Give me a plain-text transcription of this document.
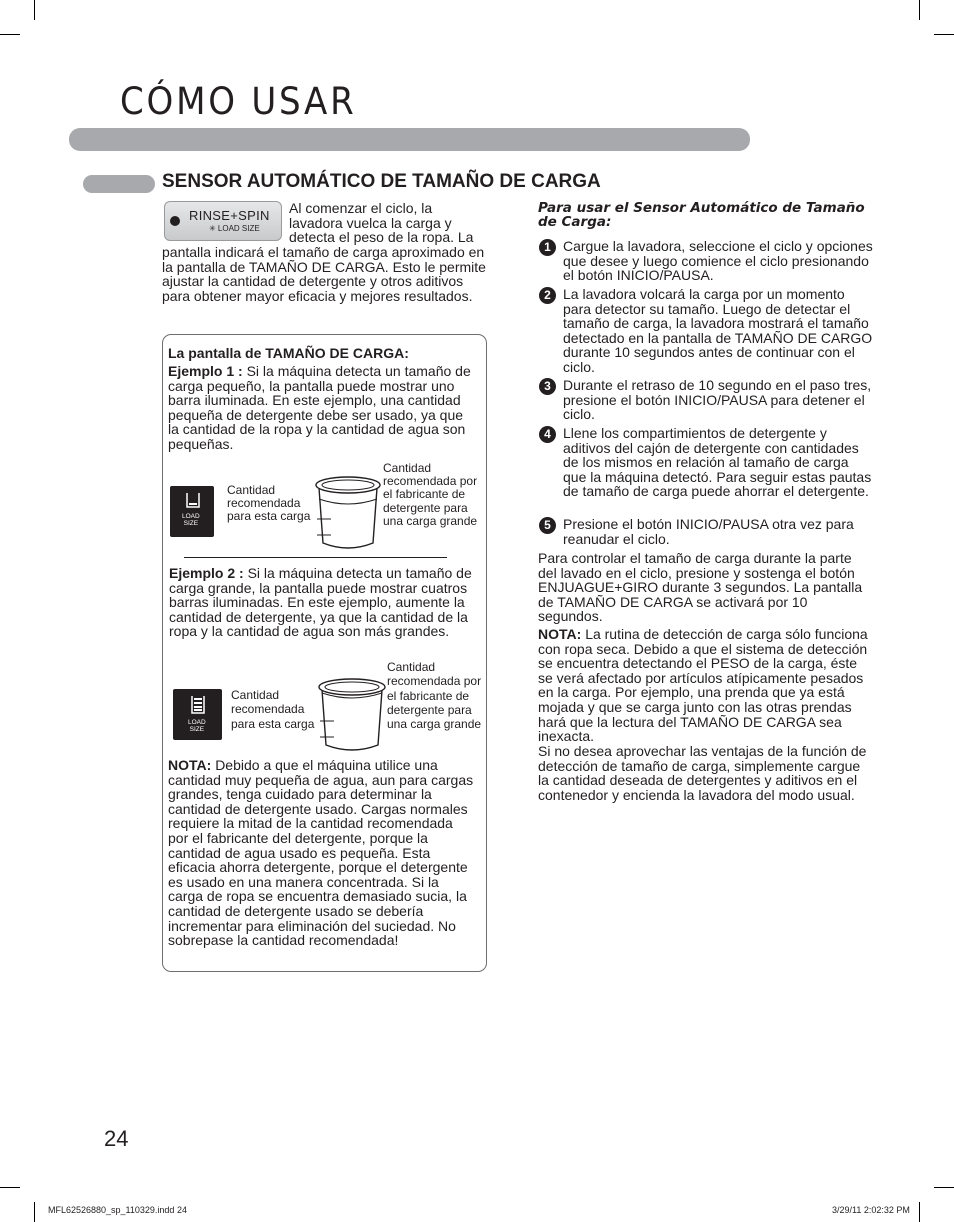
CÓMO USAR
SENSOR AUTOMÁTICO DE TAMAÑO DE CARGA
RINSE+SPIN
✳ LOAD SIZE
Al comenzar el ciclo, la lavadora vuelca la carga y detecta el peso de la ropa. La
pantalla indicará el tamaño de carga aproximado en la pantalla de TAMAÑO DE CARGA. Esto le permite ajustar la cantidad de detergente y otros aditivos para obtener mayor eficacia y mejores resultados.
La pantalla de TAMAÑO DE CARGA:
Ejemplo 1 : Si la máquina detecta un tamaño de carga pequeño, la pantalla puede mostrar uno barra iluminada. En este ejemplo, una cantidad pequeña de detergente debe ser usado, ya que la cantidad de la ropa y la cantidad de agua son pequeñas.
LOAD
SIZE
Cantidad recomendada para esta carga
Cantidad recomendada por el fabricante de detergente para una carga grande
Ejemplo 2 : Si la máquina detecta un tamaño de carga grande, la pantalla puede mostrar cuatros barras iluminadas. En este ejemplo, aumente la cantidad de detergente, ya que la cantidad de la ropa y la cantidad de agua son más grandes.
LOAD
SIZE
Cantidad recomendada para esta carga
Cantidad recomendada por el fabricante de detergente para una carga grande
NOTA: Debido a que el máquina utilice una cantidad muy pequeña de agua, aun para cargas grandes, tenga cuidado para determinar la cantidad de detergente usado. Cargas normales requiere la mitad de la cantidad recomendada por el fabricante del detergente, porque la cantidad de agua usado es pequeña. Esta eficacia ahorra detergente, porque el detergente es usado en una manera concentrada. Si la carga de ropa se encuentra demasiado sucia, la cantidad de detergente usado se debería incrementar para eliminación del suciedad. No sobrepase la cantidad recomendada!
Para usar el Sensor Automático de Tamaño de Carga:
1 Cargue la lavadora, seleccione el ciclo y opciones que desee y luego comience el ciclo presionando el botón INICIO/PAUSA.
2 La lavadora volcará la carga por un momento para detector su tamaño. Luego de detectar el tamaño de carga, la lavadora mostrará el tamaño detectado en la pantalla de TAMAÑO DE CARGO durante 10 segundos antes de continuar con el ciclo.
3 Durante el retraso de 10 segundo en el paso tres, presione el botón INICIO/PAUSA para detener el ciclo.
4 Llene los compartimientos de detergente y aditivos del cajón de detergente con cantidades de los mismos en relación al tamaño de carga que la máquina detectó. Para seguir estas pautas de tamaño de carga puede ahorrar el detergente.
5 Presione el botón INICIO/PAUSA otra vez para reanudar el ciclo.
Para controlar el tamaño de carga durante la parte del lavado en el ciclo, presione y sostenga el botón ENJUAGUE+GIRO durante 3 segundos. La pantalla de TAMAÑO DE CARGA se activará por 10 segundos.
NOTA: La rutina de detección de carga sólo funciona con ropa seca. Debido a que el sistema de detección se encuentra detectando el PESO de la carga, éste se verá afectado por artículos atípicamente pesados en la carga. Por ejemplo, una prenda que ya está mojada y que se carga junto con las otras prendas hará que la lectura del TAMAÑO DE CARGA sea inexacta.
Si no desea aprovechar las ventajas de la función de detección de tamaño de carga, simplemente cargue la cantidad deseada de detergentes y aditivos en el contenedor y encienda la lavadora del modo usual.
24
MFL62526880_sp_110329.indd 24	3/29/11 2:02:32 PM
